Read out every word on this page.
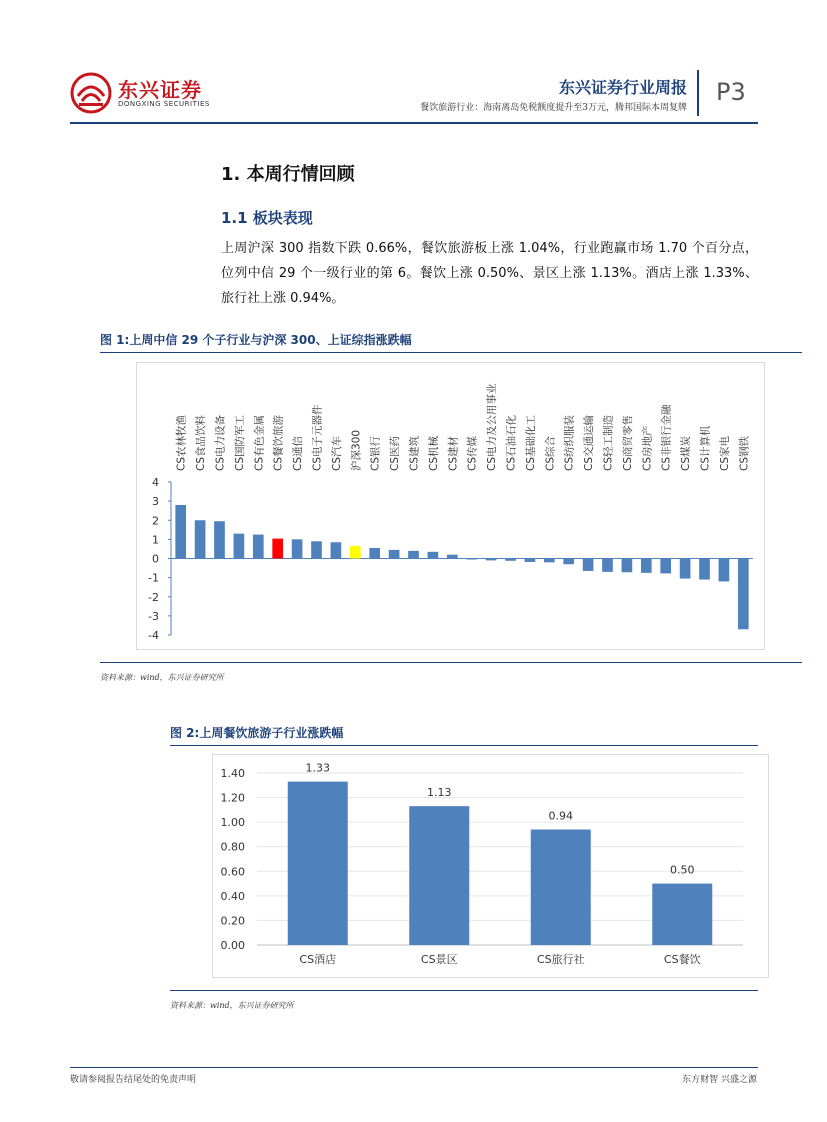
东兴证券
DONGXING SECURITIES
东兴证券行业周报
餐饮旅游行业：海南离岛免税额度提升至3万元，腾邦国际本周复牌
P3
1. 本周行情回顾
1.1 板块表现
上周沪深 300 指数下跌 0.66%，餐饮旅游板上涨 1.04%，行业跑赢市场 1.70 个百分点，位列中信 29 个一级行业的第 6。餐饮上涨 0.50%、景区上涨 1.13%。酒店上涨 1.33%、旅行社上涨 0.94%。
图 1:上周中信 29 个子行业与沪深 300、上证综指涨跌幅
4
3
2
1
0
-1
-2
-3
-4
CS农林牧渔 CS食品饮料 CS电力设备 CS国防军工 CS有色金属 CS餐饮旅游 CS通信 CS电子元器件 CS汽车 沪深300 CS银行 CS医药 CS建筑 CS机械 CS建材 CS传媒 CS电力及公用事业 CS石油石化 CS基础化工 CS综合 CS纺织服装 CS交通运输 CS轻工制造 CS商贸零售 CS房地产 CS非银行金融 CS煤炭 CS计算机 CS家电 CS钢铁
资料来源：wind，东兴证券研究所
图 2:上周餐饮旅游子行业涨跌幅
1.40
1.20
1.00
0.80
0.60
0.40
0.20
0.00
1.33
CS酒店
1.13
CS景区
0.94
CS旅行社
0.50
CS餐饮
资料来源：wind，东兴证券研究所
敬请参阅报告结尾处的免责声明	东方财智 兴盛之源
